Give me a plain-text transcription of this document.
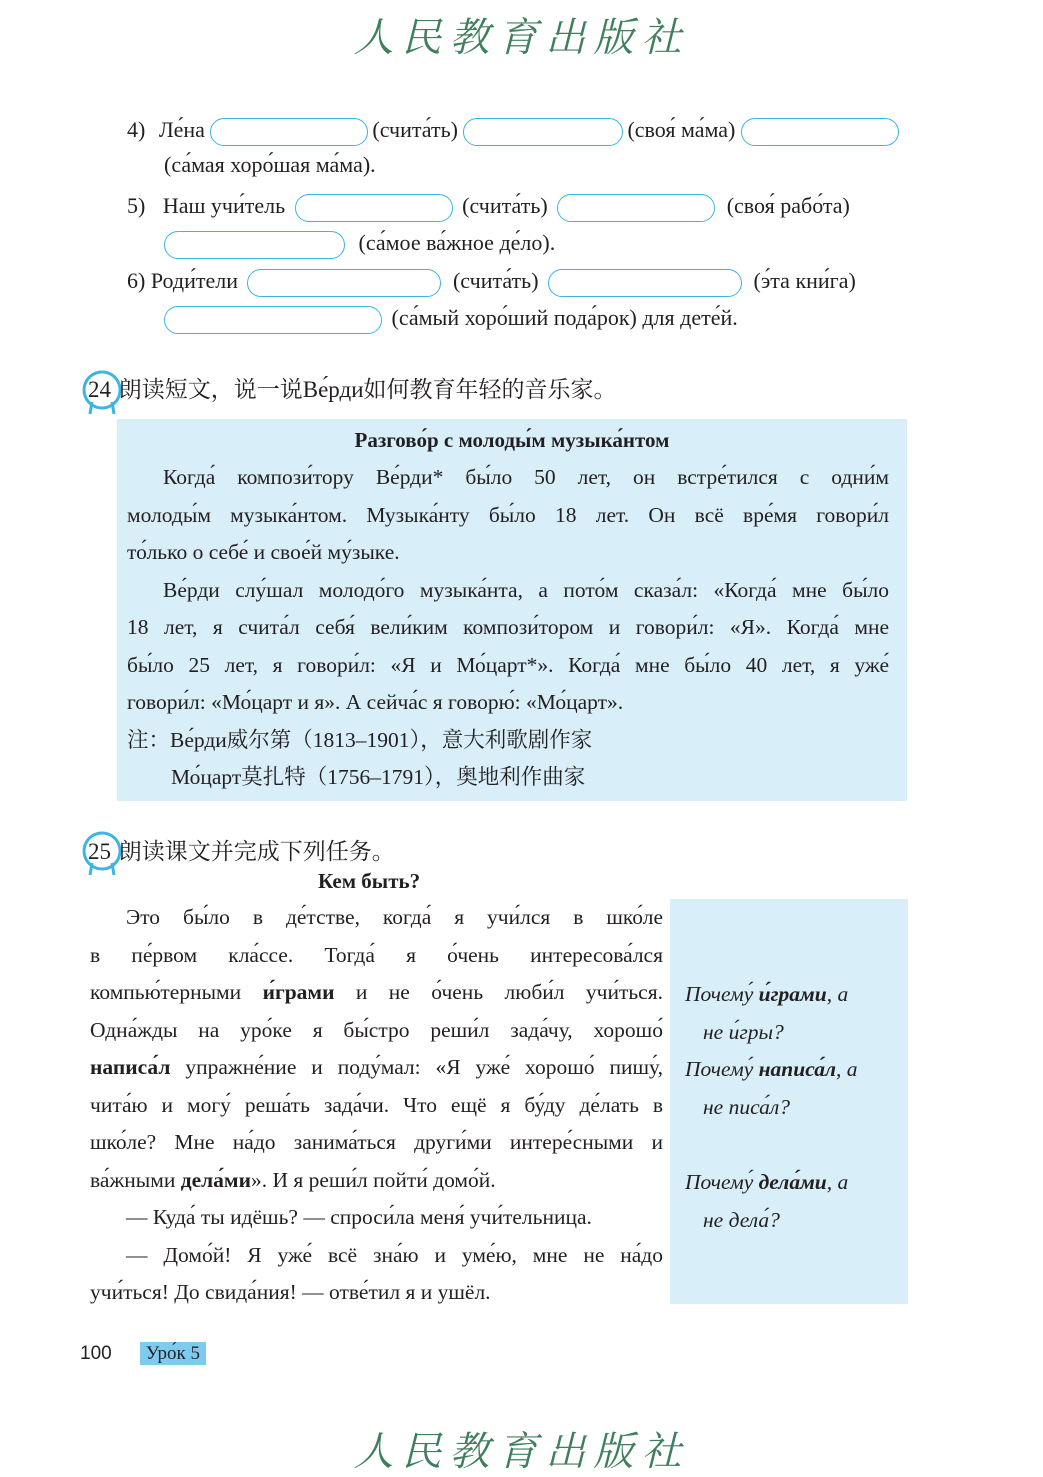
人民教育出版社
4) Ле́на	(счита́ть)	(своя́ ма́ма)
(са́мая хоро́шая ма́ма).
5) Наш учи́тель	(счита́ть)	(своя́ рабо́та)
(са́мое ва́жное де́ло).
6) Роди́тели	(счита́ть)	(э́та кни́га)
(са́мый хоро́ший пода́рок) для дете́й.
24 朗读短文，说一说Ве́рди如何教育年轻的音乐家。
Разгово́р с молоды́м музыка́нтом

Когда́ компози́тору Ве́рди* бы́ло 50 лет, он встре́тился с одни́м

молоды́м музыка́нтом. Музыка́нту бы́ло 18 лет. Он всё вре́мя говори́л

то́лько о себе́ и свое́й му́зыке.

Ве́рди слу́шал молодо́го музыка́нта, а пото́м сказа́л: «Когда́ мне бы́ло

18 лет, я счита́л себя́ вели́ким компози́тором и говори́л: «Я». Когда́ мне

бы́ло 25 лет, я говори́л: «Я и Мо́царт*». Когда́ мне бы́ло 40 лет, я уже́

говори́л: «Мо́царт и я». А сейча́с я говорю́: «Мо́царт».

注：Ве́рди威尔第（1813–1901），意大利歌剧作家
Мо́царт莫扎特（1756–1791），奥地利作曲家
25 朗读课文并完成下列任务。
Кем быть?

Это бы́ло в де́тстве, когда́ я учи́лся в шко́ле

в пе́рвом кла́ссе. Тогда́ я о́чень интересова́лся

компью́терными и́грами и не о́чень люби́л учи́ться.

Одна́жды на уро́ке я бы́стро реши́л зада́чу, хорошо́

написа́л упражне́ние и поду́мал: «Я уже́ хорошо́ пишу́,

чита́ю и могу́ реша́ть зада́чи. Что ещё я бу́ду де́лать в

шко́ле? Мне на́до занима́ться други́ми интере́сными и

ва́жными дела́ми». И я реши́л пойти́ домо́й.

— Куда́ ты идёшь? — спроси́ла меня́ учи́тельница.

— Домо́й! Я уже́ всё зна́ю и уме́ю, мне не на́до

учи́ться! До свида́ния! — отве́тил я и ушёл.

Почему́ и́грами, а
не и́гры?
Почему́ написа́л, а
не писа́л?
Почему́ дела́ми, а
не дела́?
100 Уро́к 5
人民教育出版社
